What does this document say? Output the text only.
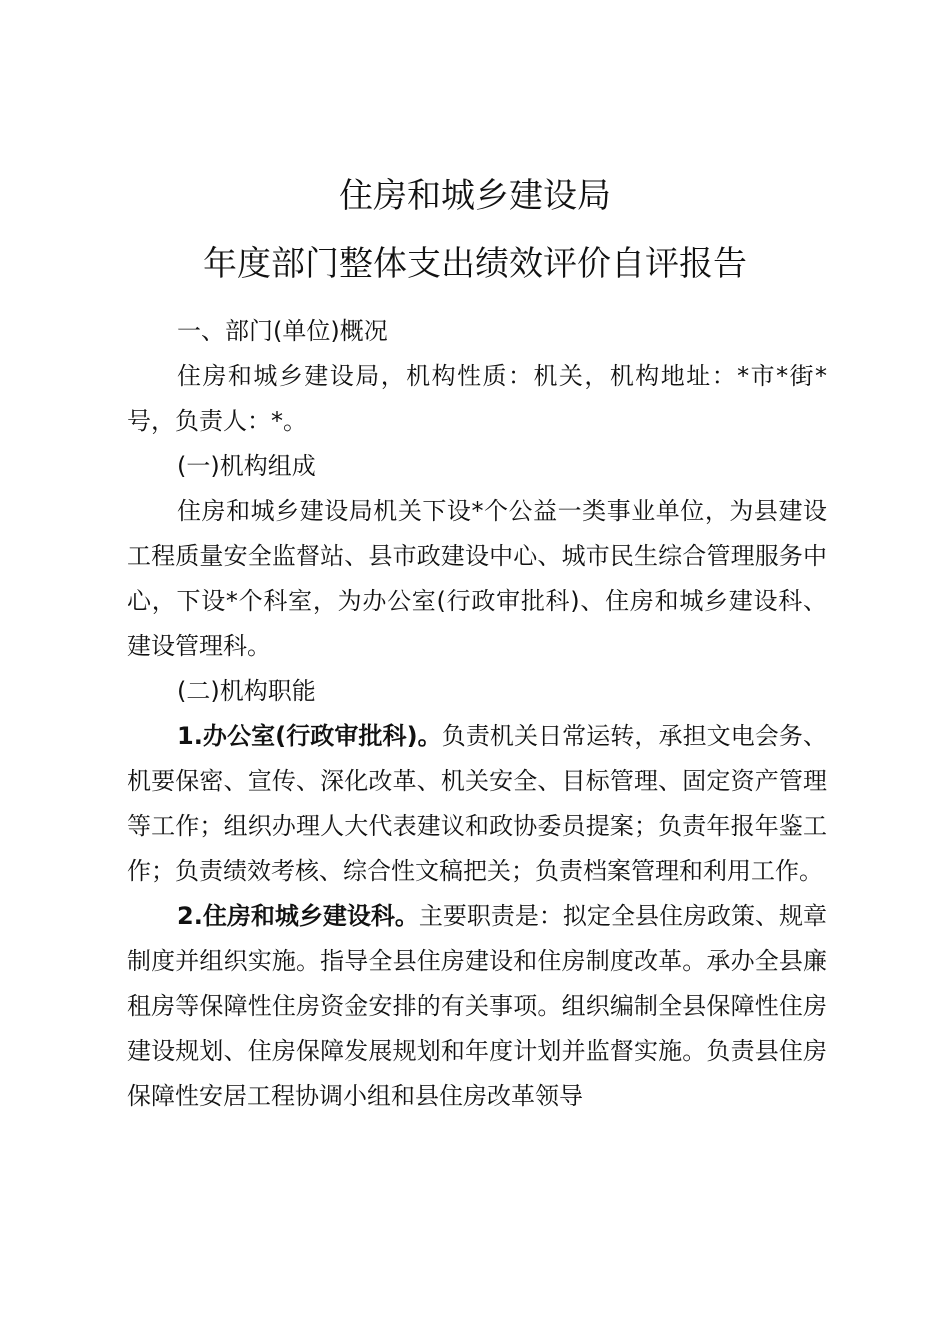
住房和城乡建设局
年度部门整体支出绩效评价自评报告

一、部门(单位)概况

住房和城乡建设局，机构性质：机关，机构地址：*市*街*号，负责人：*。

(一)机构组成

住房和城乡建设局机关下设*个公益一类事业单位，为县建设工程质量安全监督站、县市政建设中心、城市民生综合管理服务中心，下设*个科室，为办公室(行政审批科)、住房和城乡建设科、建设管理科。

(二)机构职能

1.办公室(行政审批科)。负责机关日常运转，承担文电会务、机要保密、宣传、深化改革、机关安全、目标管理、固定资产管理等工作；组织办理人大代表建议和政协委员提案；负责年报年鉴工作；负责绩效考核、综合性文稿把关；负责档案管理和利用工作。

2.住房和城乡建设科。主要职责是：拟定全县住房政策、规章制度并组织实施。指导全县住房建设和住房制度改革。承办全县廉租房等保障性住房资金安排的有关事项。组织编制全县保障性住房建设规划、住房保障发展规划和年度计划并监督实施。负责县住房保障性安居工程协调小组和县住房改革领导
